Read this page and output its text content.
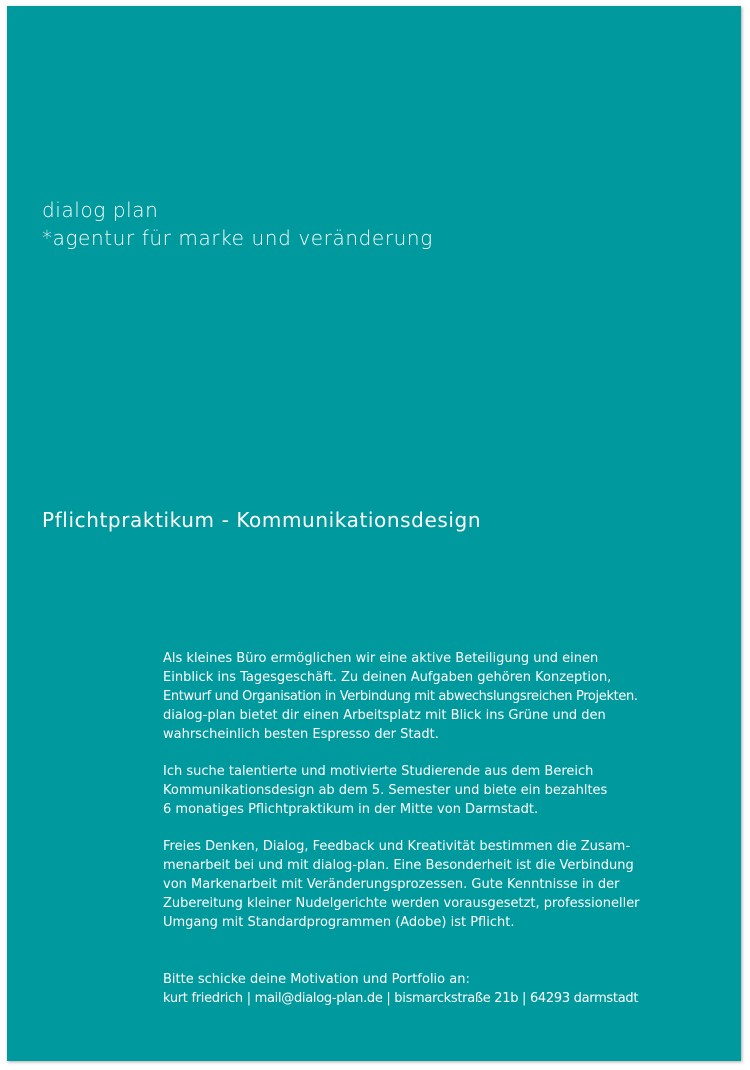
dialog plan
*agentur für marke und veränderung
Pflichtpraktikum - Kommunikationsdesign

Als kleines Büro ermöglichen wir eine aktive Beteiligung und einen
Einblick ins Tagesgeschäft. Zu deinen Aufgaben gehören Konzeption,
Entwurf und Organisation in Verbindung mit abwechslungsreichen Projekten.
dialog-plan bietet dir einen Arbeitsplatz mit Blick ins Grüne und den
wahrscheinlich besten Espresso der Stadt.

Ich suche talentierte und motivierte Studierende aus dem Bereich
Kommunikationsdesign ab dem 5. Semester und biete ein bezahltes
6 monatiges Pflichtpraktikum in der Mitte von Darmstadt.

Freies Denken, Dialog, Feedback und Kreativität bestimmen die Zusam-
menarbeit bei und mit dialog-plan. Eine Besonderheit ist die Verbindung
von Markenarbeit mit Veränderungsprozessen. Gute Kenntnisse in der
Zubereitung kleiner Nudelgerichte werden vorausgesetzt, professioneller
Umgang mit Standardprogrammen (Adobe) ist Pflicht.

Bitte schicke deine Motivation und Portfolio an:
kurt friedrich | mail@dialog-plan.de | bismarckstraße 21b | 64293 darmstadt
